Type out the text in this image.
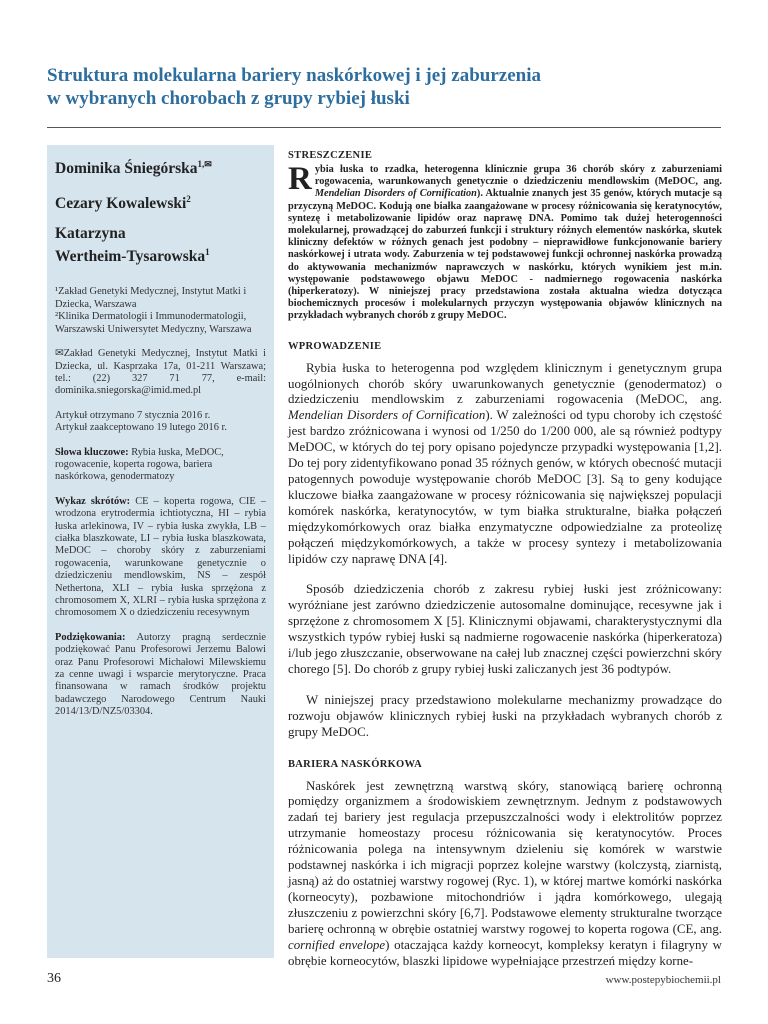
Struktura molekularna bariery naskórkowej i jej zaburzenia
w wybranych chorobach z grupy rybiej łuski
Dominika Śniegórska$^{1,✉}$
Cezary Kowalewski$^2$
Katarzyna
Wertheim-Tysarowska$^1$

¹Zakład Genetyki Medycznej, Instytut Matki i Dziecka, Warszawa

²Klinika Dermatologii i Immunodermatologii, Warszawski Uniwersytet Medyczny, Warszawa

✉Zakład Genetyki Medycznej, Instytut Matki i Dziecka, ul. Kasprzaka 17a, 01-211 Warszawa; tel.: (22) 327 71 77, e-mail: dominika.sniegorska@imid.med.pl

Artykuł otrzymano 7 stycznia 2016 r.

Artykuł zaakceptowano 19 lutego 2016 r.

Słowa kluczowe: Rybia łuska, MeDOC, rogowacenie, koperta rogowa, bariera naskórkowa, genodermatozy

Wykaz skrótów: CE – koperta rogowa, CIE – wrodzona erytrodermia ichtiotyczna, HI – rybia łuska arlekinowa, IV – rybia łuska zwykła, LB – ciałka blaszkowate, LI – rybia łuska blaszkowata, MeDOC – choroby skóry z zaburzeniami rogowacenia, warunkowane genetycznie o dziedziczeniu mendlowskim, NS – zespół Nethertona, XLI – rybia łuska sprzężona z chromosomem X, XLRI – rybia łuska sprzężona z chromosomem X o dziedziczeniu recesywnym

Podziękowania: Autorzy pragną serdecznie podziękować Panu Profesorowi Jerzemu Balowi oraz Panu Profesorowi Michałowi Milewskiemu za cenne uwagi i wsparcie merytoryczne. Praca finansowana w ramach środków projektu badawczego Narodowego Centrum Nauki 2014/13/D/NZ5/03304.

STRESZCZENIE
Rybia łuska to rzadka, heterogenna klinicznie grupa 36 chorób skóry z zaburzeniami rogowacenia, warunkowanych genetycznie o dziedziczeniu mendlowskim (MeDOC, ang. Mendelian Disorders of Cornification). Aktualnie znanych jest 35 genów, których mutacje są przyczyną MeDOC. Kodują one białka zaangażowane w procesy różnicowania się keratynocytów, syntezę i metabolizowanie lipidów oraz naprawę DNA. Pomimo tak dużej heterogenności molekularnej, prowadzącej do zaburzeń funkcji i struktury różnych elementów naskórka, skutek kliniczny defektów w różnych genach jest podobny – nieprawidłowe funkcjonowanie bariery naskórkowej i utrata wody. Zaburzenia w tej podstawowej funkcji ochronnej naskórka prowadzą do aktywowania mechanizmów naprawczych w naskórku, których wynikiem jest m.in. występowanie podstawowego objawu MeDOC - nadmiernego rogowacenia naskórka (hiperkeratozy). W niniejszej pracy przedstawiona została aktualna wiedza dotycząca biochemicznych procesów i molekularnych przyczyn występowania objawów klinicznych na przykładach wybranych chorób z grupy MeDOC.
WPROWADZENIE

Rybia łuska to heterogenna pod względem klinicznym i genetycznym grupa uogólnionych chorób skóry uwarunkowanych genetycznie (genodermatoz) o dziedziczeniu mendlowskim z zaburzeniami rogowacenia (MeDOC, ang. Mendelian Disorders of Cornification). W zależności od typu choroby ich częstość jest bardzo zróżnicowana i wynosi od 1/250 do 1/200 000, ale są również podtypy MeDOC, w których do tej pory opisano pojedyncze przypadki występowania [1,2]. Do tej pory zidentyfikowano ponad 35 różnych genów, w których obecność mutacji patogennych powoduje występowanie chorób MeDOC [3]. Są to geny kodujące kluczowe białka zaangażowane w procesy różnicowania się największej populacji komórek naskórka, keratynocytów, w tym białka strukturalne, białka połączeń międzykomórkowych oraz białka enzymatyczne odpowiedzialne za proteolizę połączeń międzykomórkowych, a także w procesy syntezy i metabolizowania lipidów czy naprawę DNA [4].

Sposób dziedziczenia chorób z zakresu rybiej łuski jest zróżnicowany: wyróżniane jest zarówno dziedziczenie autosomalne dominujące, recesywne jak i sprzężone z chromosomem X [5]. Klinicznymi objawami, charakterystycznymi dla wszystkich typów rybiej łuski są nadmierne rogowacenie naskórka (hiperkeratoza) i/lub jego złuszczanie, obserwowane na całej lub znacznej części powierzchni skóry chorego [5]. Do chorób z grupy rybiej łuski zaliczanych jest 36 podtypów.

W niniejszej pracy przedstawiono molekularne mechanizmy prowadzące do rozwoju objawów klinicznych rybiej łuski na przykładach wybranych chorób z grupy MeDOC.

BARIERA NASKÓRKOWA

Naskórek jest zewnętrzną warstwą skóry, stanowiącą barierę ochronną pomiędzy organizmem a środowiskiem zewnętrznym. Jednym z podstawowych zadań tej bariery jest regulacja przepuszczalności wody i elektrolitów poprzez utrzymanie homeostazy procesu różnicowania się keratynocytów. Proces różnicowania polega na intensywnym dzieleniu się komórek w warstwie podstawnej naskórka i ich migracji poprzez kolejne warstwy (kolczystą, ziarnistą, jasną) aż do ostatniej warstwy rogowej (Ryc. 1), w której martwe komórki naskórka (korneocyty), pozbawione mitochondriów i jądra komórkowego, ulegają złuszczeniu z powierzchni skóry [6,7]. Podstawowe elementy strukturalne tworzące barierę ochronną w obrębie ostatniej warstwy rogowej to koperta rogowa (CE, ang. cornified envelope) otaczająca każdy korneocyt, kompleksy keratyn i filagryny w obrębie korneocytów, blaszki lipidowe wypełniające przestrzeń między korne-

36	www.postepybiochemii.pl
